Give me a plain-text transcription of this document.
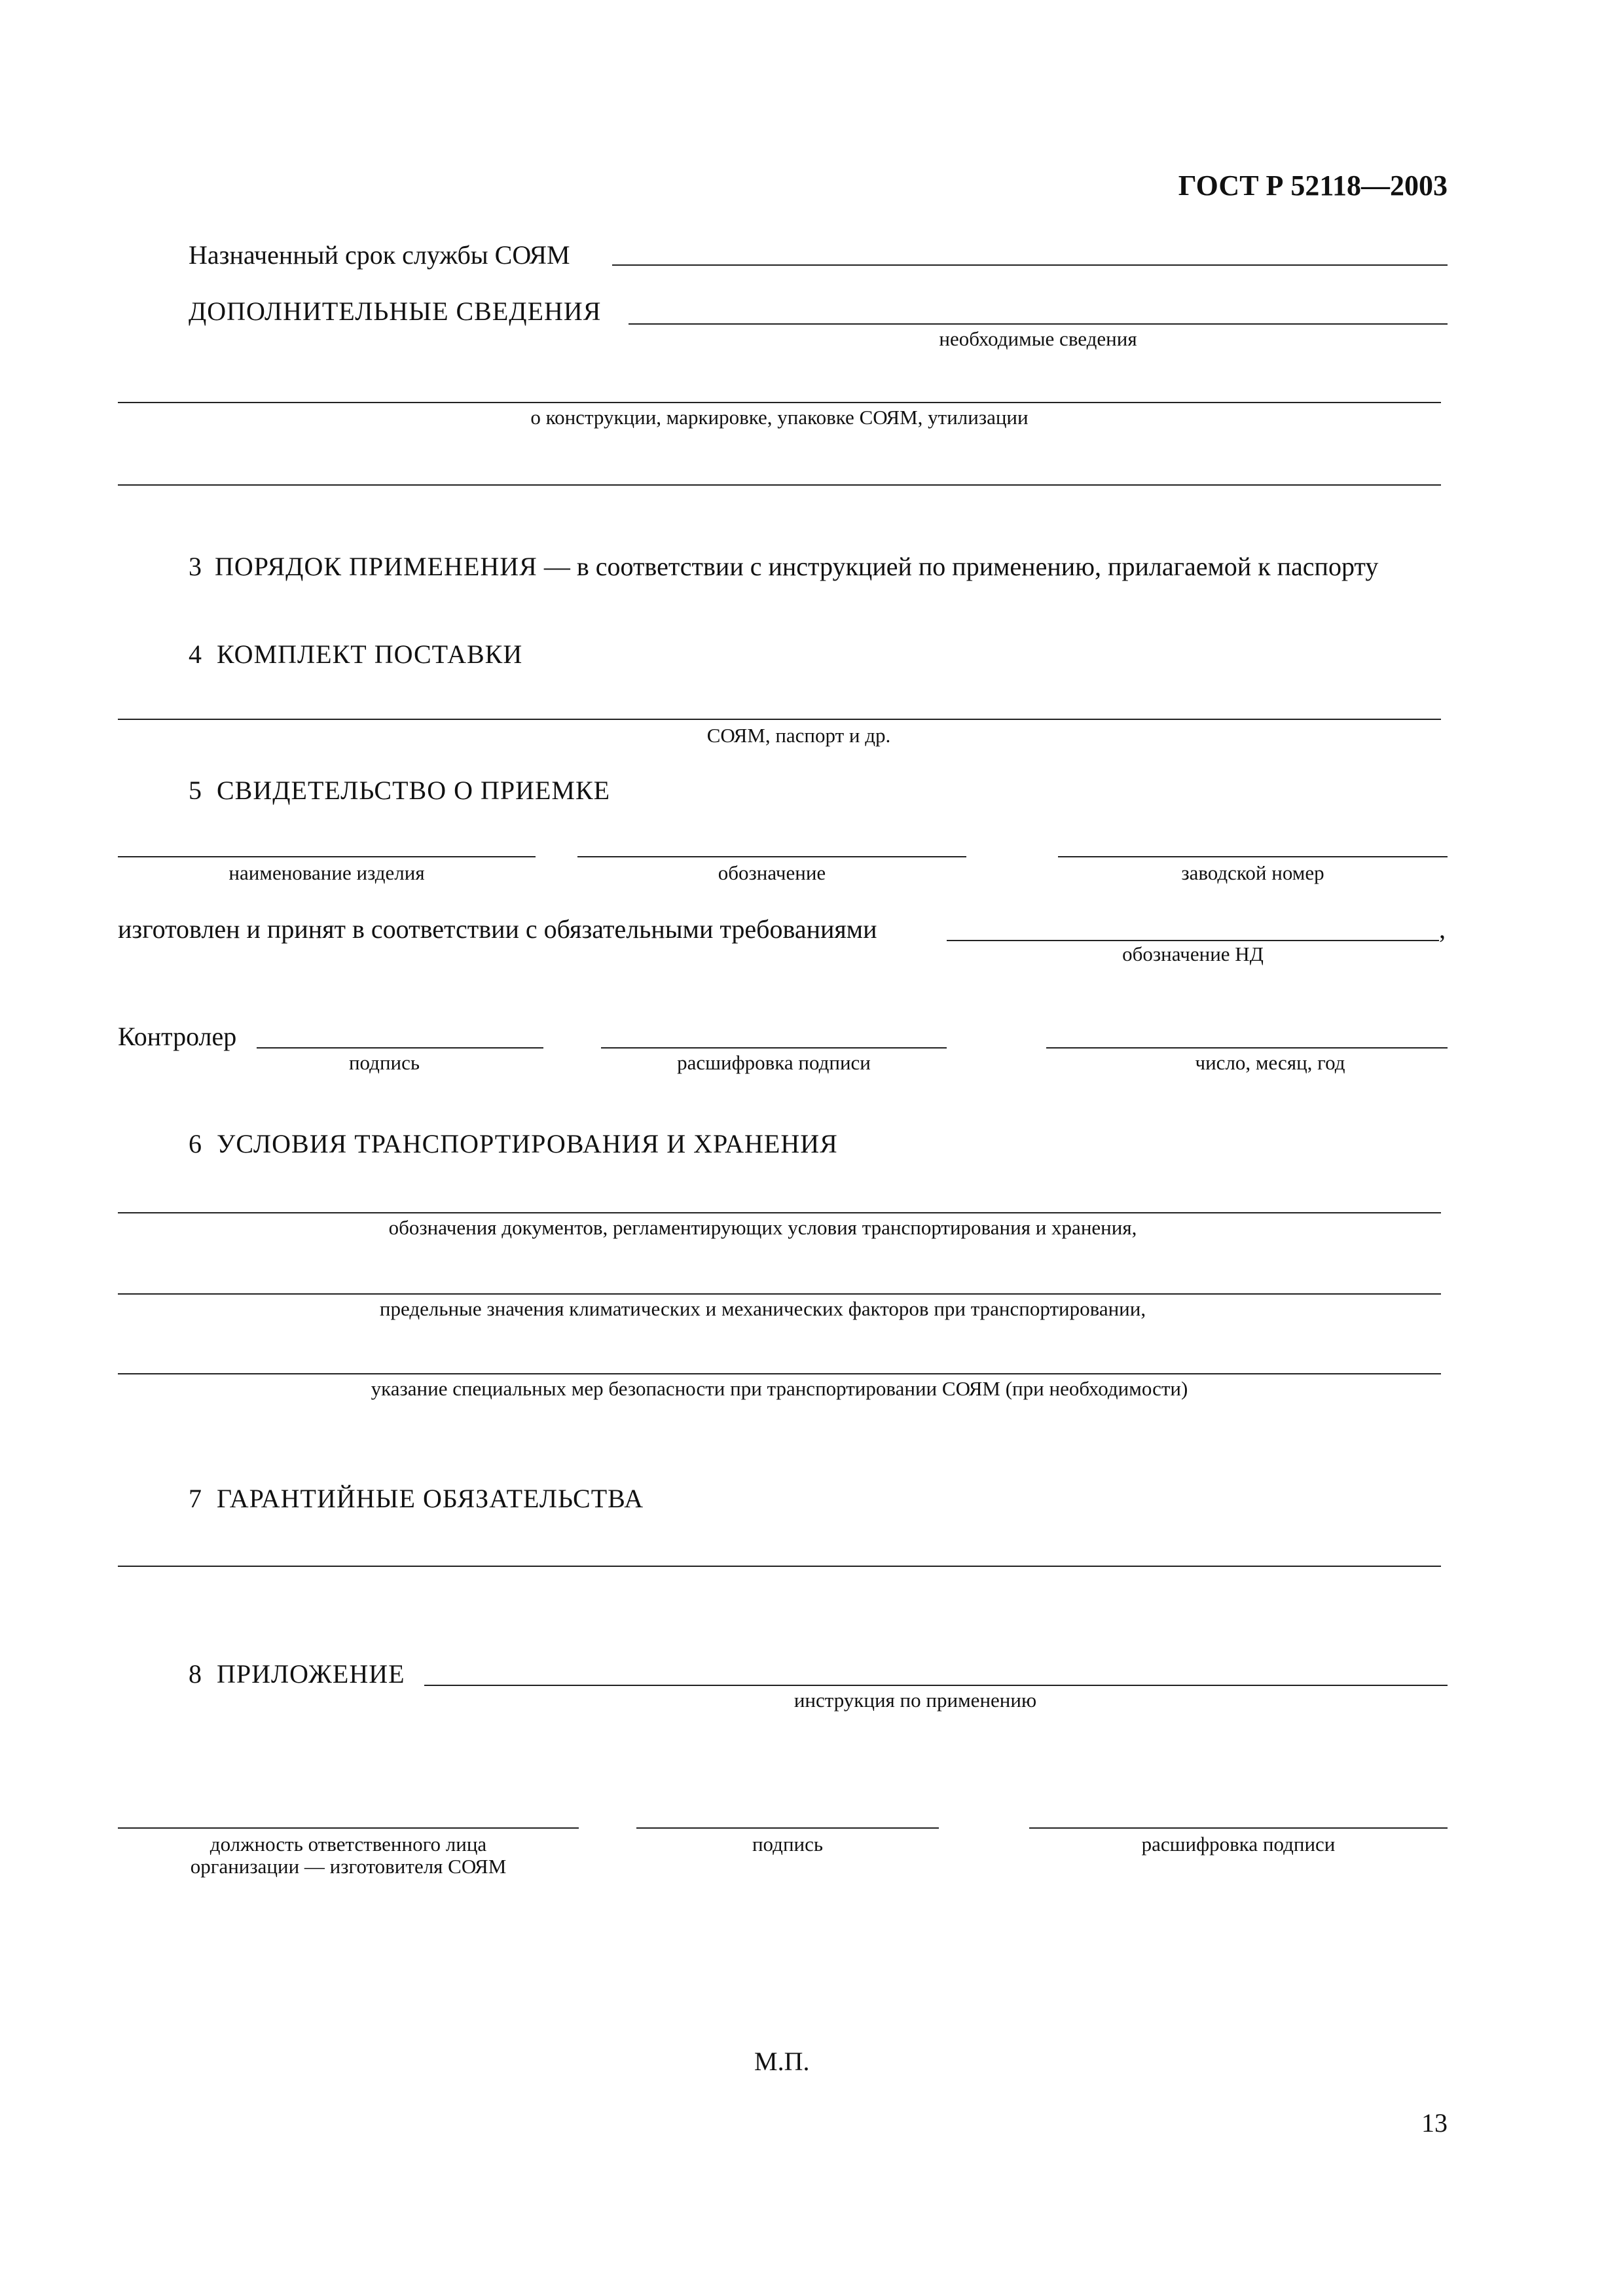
ГОСТ Р 52118—2003
Назначенный срок службы СОЯМ
ДОПОЛНИТЕЛЬНЫЕ СВЕДЕНИЯ
необходимые сведения
о конструкции, маркировке, упаковке СОЯМ, утилизации
3 ПОРЯДОК ПРИМЕНЕНИЯ — в соответствии с инструкцией по применению, прилагаемой к паспорту
4 КОМПЛЕКТ ПОСТАВКИ
СОЯМ, паспорт и др.
5 СВИДЕТЕЛЬСТВО О ПРИЕМКЕ
наименование изделия	обозначение	заводской номер
изготовлен и принят в соответствии с обязательными требованиями	,
обозначение НД
Контролер
подпись	расшифровка подписи	число, месяц, год
6 УСЛОВИЯ ТРАНСПОРТИРОВАНИЯ И ХРАНЕНИЯ
обозначения документов, регламентирующих условия транспортирования и хранения,
предельные значения климатических и механических факторов при транспортировании,
указание специальных мер безопасности при транспортировании СОЯМ (при необходимости)
7 ГАРАНТИЙНЫЕ ОБЯЗАТЕЛЬСТВА
8 ПРИЛОЖЕНИЕ
инструкция по применению
должность ответственного лица
организации — изготовителя СОЯМ
подпись	расшифровка подписи
М.П.
13
